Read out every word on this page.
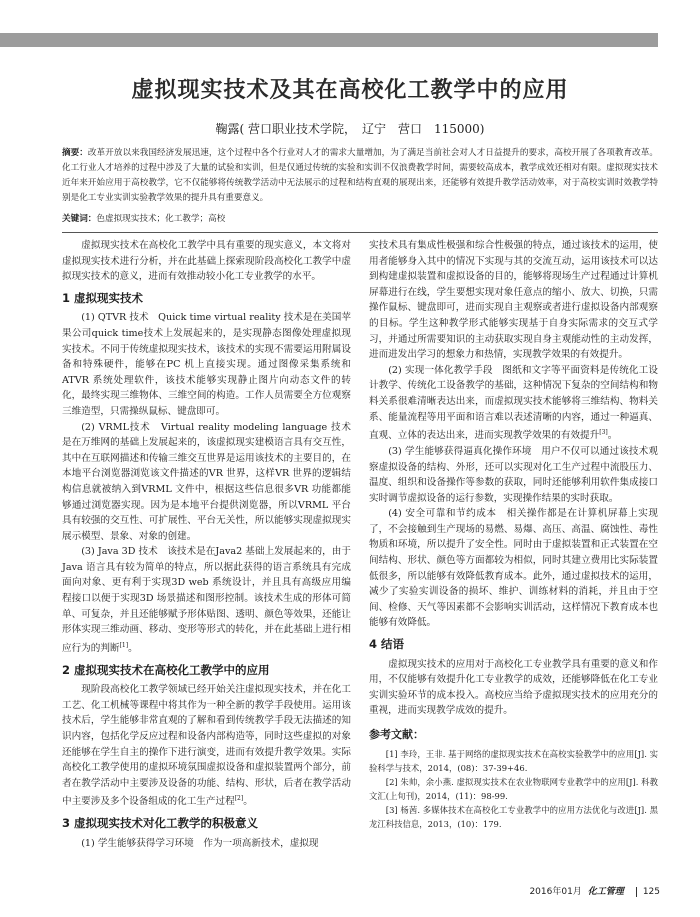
虚拟现实技术及其在高校化工教学中的应用
鞠露( 营口职业技术学院，　辽宁　营口　115000)
摘要：改革开放以来我国经济发展迅速，这个过程中各个行业对人才的需求大量增加，为了满足当前社会对人才日益提升的要求，高校开展了各项教育改革。化工行业人才培养的过程中涉及了大量的试验和实训，但是仅通过传统的实验和实训不仅浪费教学时间，需要较高成本，教学成效还相对有限。虚拟现实技术近年来开始应用于高校教学，它不仅能够将传统教学活动中无法展示的过程和结构直观的展现出来，还能够有效提升教学活动效率，对于高校实训时效教学特别是化工专业实训实验教学效果的提升具有重要意义。
关键词：色虚拟现实技术；化工教学；高校

虚拟现实技术在高校化工教学中具有重要的现实意义，本文将对虚拟现实技术进行分析，并在此基础上探索现阶段高校化工教学中虚拟现实技术的意义，进而有效推动较小化工专业教学的水平。

1 虚拟现实技术

(1) QTVR 技术　Quick time virtual reality 技术是在美国苹果公司quick time技术上发展起来的，是实现静态图像处理虚拟现实技术。不同于传统虚拟现实技术，该技术的实现不需要运用附属设备和特殊硬件，能够在PC 机上直接实现。通过图像采集系统和ATVR 系统处理软件，该技术能够实现静止图片向动态文件的转化，最终实现三维物体、三维空间的构造。工作人员需要全方位观察三维造型，只需操纵鼠标、键盘即可。

(2) VRML技术　Virtual reality modeling language 技术是在万维网的基础上发展起来的，该虚拟现实建模语言具有交互性，其中在互联网描述和传输三维交互世界是运用该技术的主要目的，在本地平台浏览器浏览该文件描述的VR 世界，这样VR 世界的逻辑结构信息就被纳入到VRML 文件中，根据这些信息很多VR 功能都能够通过浏览器实现。因为是本地平台提供浏览器，所以VRML 平台具有较强的交互性、可扩展性、平台无关性，所以能够实现虚拟现实展示模型、景象、对象的创建。

(3) Java 3D 技术　该技术是在Java2 基础上发展起来的，由于Java 语言具有较为简单的特点，所以据此获得的语言系统具有完成面向对象、更有利于实现3D web 系统设计，并且具有高级应用编程接口以便于实现3D 场景描述和图形控制。该技术生成的形体可简单、可复杂，并且还能够赋予形体贴图、透明、颜色等效果，还能让形体实现三维动画、移动、变形等形式的转化，并在此基础上进行相应行为的判断[1]。

2 虚拟现实技术在高校化工教学中的应用

现阶段高校化工教学领域已经开始关注虚拟现实技术，并在化工工艺、化工机械等课程中将其作为一种全新的教学手段使用。运用该技术后，学生能够非常直观的了解和看到传统教学手段无法描述的知识内容，包括化学反应过程和设备内部构造等，同时这些虚拟的对象还能够在学生自主的操作下进行演变，进而有效提升教学效果。实际高校化工教学使用的虚拟环境氛围虚拟设备和虚拟装置两个部分，前者在教学活动中主要涉及设备的功能、结构、形状，后者在教学活动中主要涉及多个设备组成的化工生产过程[2]。

3 虚拟现实技术对化工教学的积极意义

(1) 学生能够获得学习环境　作为一项高新技术，虚拟现

实技术具有集成性极强和综合性极强的特点，通过该技术的运用，使用者能够身入其中的情况下实现与其的交流互动，运用该技术可以达到构建虚拟装置和虚拟设备的目的，能够将现场生产过程通过计算机屏幕进行在线，学生要想实现对象任意点的缩小、放大、切换，只需操作鼠标、键盘即可，进而实现自主观察或者进行虚拟设备内部观察的目标。学生这种教学形式能够实现基于自身实际需求的交互式学习，并通过所需要知识的主动获取实现自身主观能动性的主动发挥，进而进发出学习的想象力和热情，实现教学效果的有效提升。

(2) 实现一体化教学手段　图纸和文字等平面资料是传统化工设计教学、传统化工设备教学的基础，这种情况下复杂的空间结构和物料关系很难清晰表达出来，而虚拟现实技术能够将三维结构、物料关系、能量流程等用平面和语言难以表述清晰的内容，通过一种逼真、直观、立体的表达出来，进而实现教学效果的有效提升[3]。

(3) 学生能够获得逼真化操作环境　用户不仅可以通过该技术观察虚拟设备的结构、外形，还可以实现对化工生产过程中流股压力、温度、组织和设备操作等参数的获取，同时还能够利用软件集成接口实时调节虚拟设备的运行参数，实现操作结果的实时获取。

(4) 安全可靠和节约成本　相关操作都是在计算机屏幕上实现了，不会接触到生产现场的易燃、易爆、高压、高温、腐蚀性、毒性物质和环境，所以提升了安全性。同时由于虚拟装置和正式装置在空间结构、形状、颜色等方面都较为相似，同时其建立费用比实际装置低很多，所以能够有效降低教育成本。此外，通过虚拟技术的运用，减少了实验实训设备的损坏、维护、训练材料的消耗，并且由于空间、检修、天气等因素都不会影响实训活动，这样情况下教育成本也能够有效降低。

4 结语

虚拟现实技术的应用对于高校化工专业教学具有重要的意义和作用，不仅能够有效提升化工专业教学的成效，还能够降低在化工专业实训实验环节的成本投入。高校应当给予虚拟现实技术的应用充分的重视，进而实现教学成效的提升。

参考文献：

[1] 李玲，王非. 基于网络的虚拟现实技术在高校实验教学中的应用[J]. 实验科学与技术，2014，(08)：37-39+46.

[2] 朱帅，余小燕. 虚拟现实技术在农业物联网专业教学中的应用[J]. 科教文汇(上旬刊)，2014，(11)：98-99.

[3] 杨茜. 多媒体技术在高校化工专业教学中的应用方法优化与改进[J]. 黑龙江科技信息，2013，(10)：179.

2016年01月 化工管理 125
